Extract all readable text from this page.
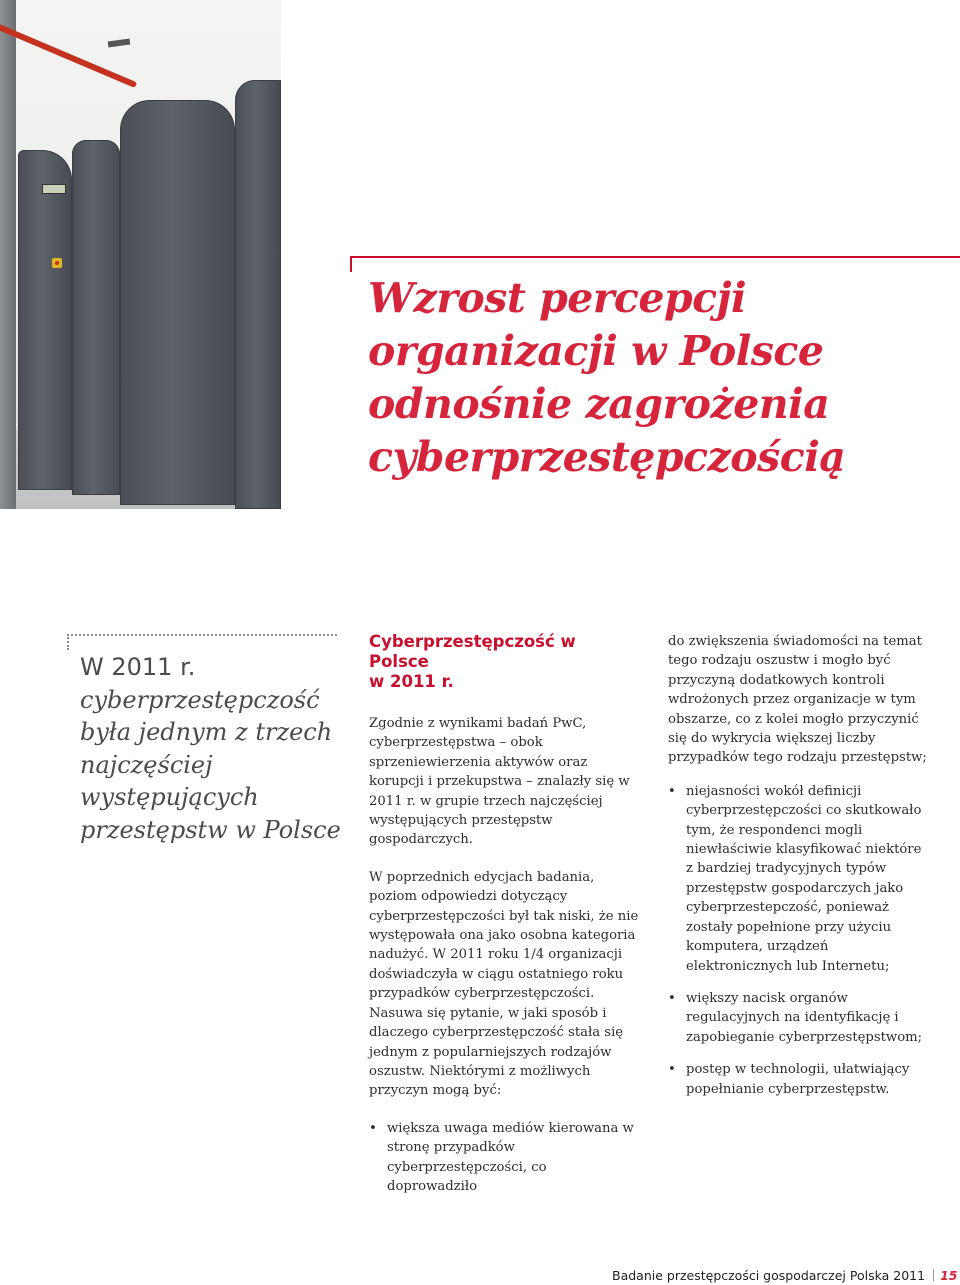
Wzrost percepcji organizacji w Polsce odnośnie zagrożenia cyberprzestępczością

W 2011 r. cyberprzestępczość była jednym z trzech najczęściej występujących przestępstw w Polsce

Cyberprzestępczość w Polsce
w 2011 r.

Zgodnie z wynikami badań PwC, cyberprzestępstwa – obok sprzeniewierzenia aktywów oraz korupcji i przekupstwa – znalazły się w 2011 r. w grupie trzech najczęściej występujących przestępstw gospodarczych.

W poprzednich edycjach badania, poziom odpowiedzi dotyczący cyberprzestępczości był tak niski, że nie występowała ona jako osobna kategoria nadużyć. W 2011 roku 1/4 organizacji doświadczyła w ciągu ostatniego roku przypadków cyberprzestępczości. Nasuwa się pytanie, w jaki sposób i dlaczego cyberprzestępczość stała się jednym z popularniejszych rodzajów oszustw. Niektórymi z możliwych przyczyn mogą być:

• większa uwaga mediów kierowana w stronę przypadków cyberprzestępczości, co doprowadziło

do zwiększenia świadomości na temat tego rodzaju oszustw i mogło być przyczyną dodatkowych kontroli wdrożonych przez organizacje w tym obszarze, co z kolei mogło przyczynić się do wykrycia większej liczby przypadków tego rodzaju przestępstw;

• niejasności wokół definicji cyberprzestępczości co skutkowało tym, że respondenci mogli niewłaściwie klasyfikować niektóre z bardziej tradycyjnych typów przestępstw gospodarczych jako cyberprzestepczość, ponieważ zostały popełnione przy użyciu komputera, urządzeń elektronicznych lub Internetu;
• większy nacisk organów regulacyjnych na identyfikację i zapobieganie cyberprzestępstwom;
• postęp w technologii, ułatwiający popełnianie cyberprzestępstw.
Badanie przestępczości gospodarczej Polska 2011 15
